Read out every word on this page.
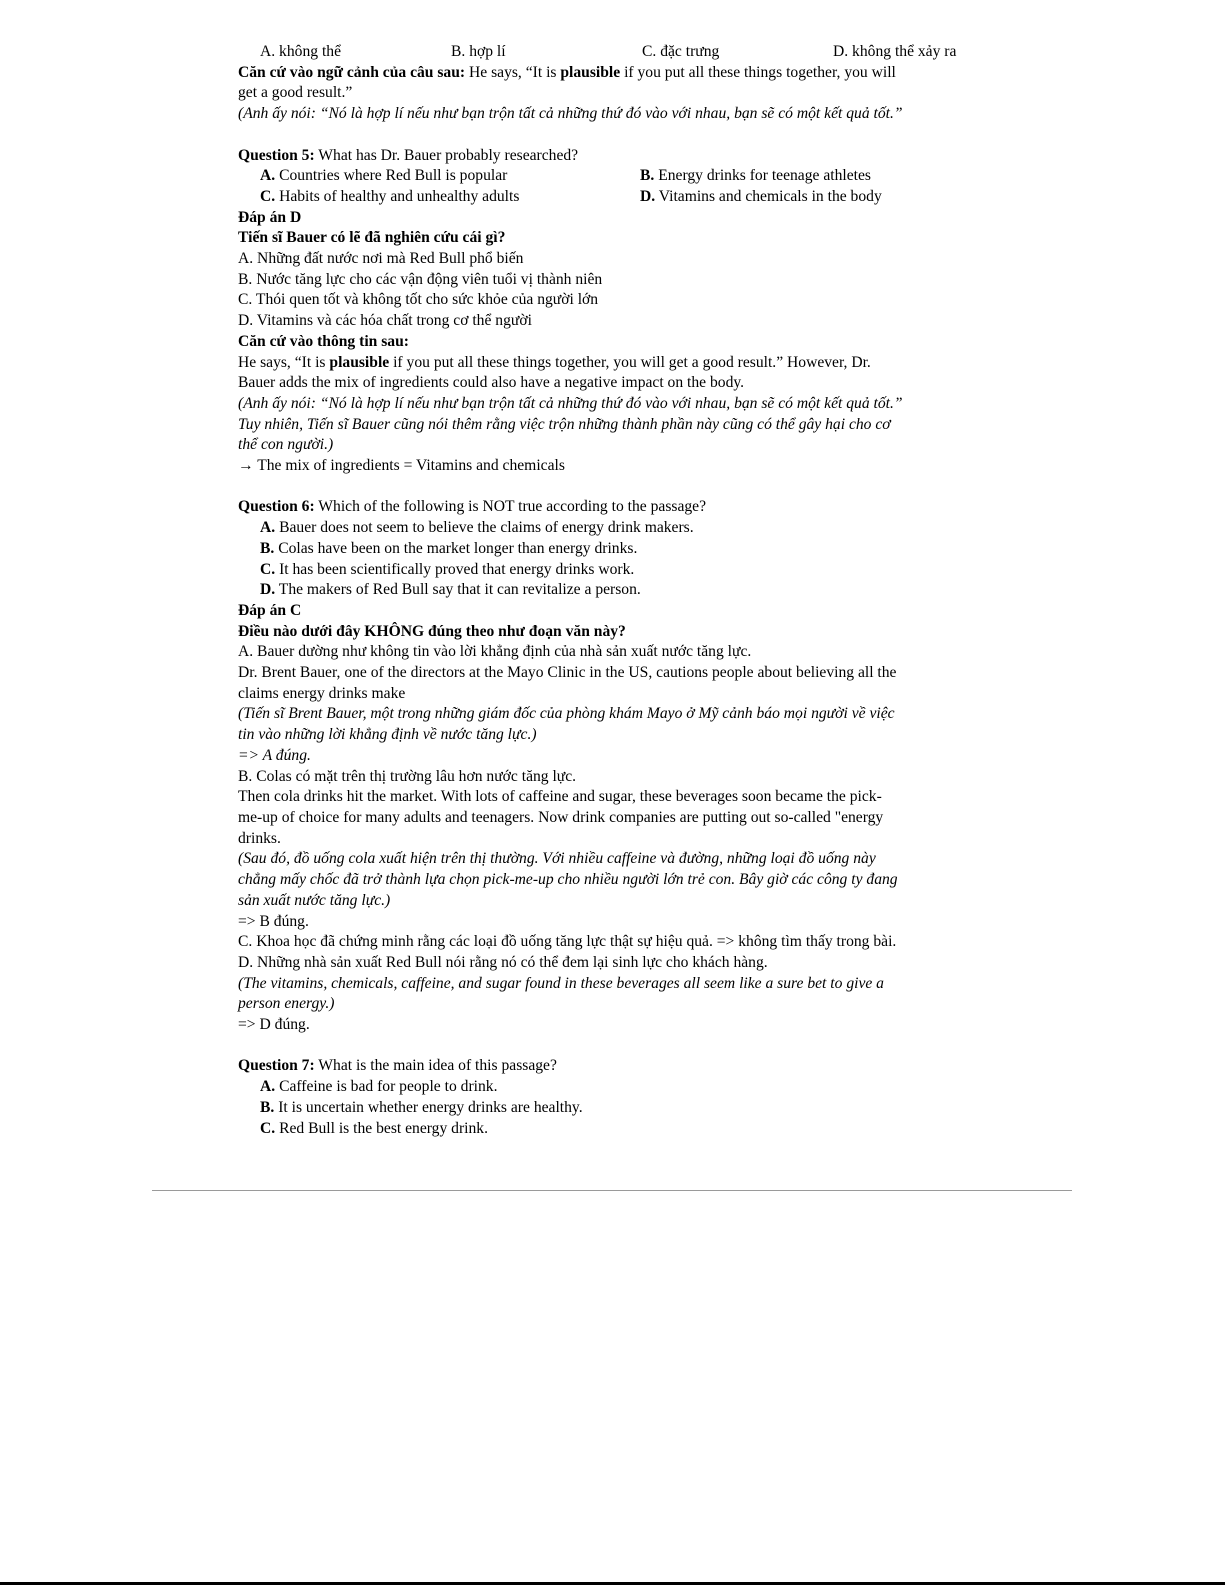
A. không thể	B. hợp lí	C. đặc trưng	D. không thể xảy ra
Căn cứ vào ngữ cảnh của câu sau: He says, “It is plausible if you put all these things together, you will
get a good result.”
(Anh ấy nói: “Nó là hợp lí nếu như bạn trộn tất cả những thứ đó vào với nhau, bạn sẽ có một kết quả tốt.”
Question 5: What has Dr. Bauer probably researched?
A. Countries where Red Bull is popular	B. Energy drinks for teenage athletes
C. Habits of healthy and unhealthy adults	D. Vitamins and chemicals in the body
Đáp án D
Tiến sĩ Bauer có lẽ đã nghiên cứu cái gì?
A. Những đất nước nơi mà Red Bull phổ biến
B. Nước tăng lực cho các vận động viên tuổi vị thành niên
C. Thói quen tốt và không tốt cho sức khỏe của người lớn
D. Vitamins và các hóa chất trong cơ thể người
Căn cứ vào thông tin sau:
He says, “It is plausible if you put all these things together, you will get a good result.” However, Dr.
Bauer adds the mix of ingredients could also have a negative impact on the body.
(Anh ấy nói: “Nó là hợp lí nếu như bạn trộn tất cả những thứ đó vào với nhau, bạn sẽ có một kết quả tốt.”
Tuy nhiên, Tiến sĩ Bauer cũng nói thêm rằng việc trộn những thành phần này cũng có thể gây hại cho cơ
thể con người.)
→ The mix of ingredients = Vitamins and chemicals
Question 6: Which of the following is NOT true according to the passage?
A. Bauer does not seem to believe the claims of energy drink makers.
B. Colas have been on the market longer than energy drinks.
C. It has been scientifically proved that energy drinks work.
D. The makers of Red Bull say that it can revitalize a person.
Đáp án C
Điều nào dưới đây KHÔNG đúng theo như đoạn văn này?
A. Bauer dường như không tin vào lời khẳng định của nhà sản xuất nước tăng lực.
Dr. Brent Bauer, one of the directors at the Mayo Clinic in the US, cautions people about believing all the
claims energy drinks make
(Tiến sĩ Brent Bauer, một trong những giám đốc của phòng khám Mayo ở Mỹ cảnh báo mọi người về việc
tin vào những lời khẳng định về nước tăng lực.)
=> A đúng.
B. Colas có mặt trên thị trường lâu hơn nước tăng lực.
Then cola drinks hit the market. With lots of caffeine and sugar, these beverages soon became the pick-
me-up of choice for many adults and teenagers. Now drink companies are putting out so-called "energy
drinks.
(Sau đó, đồ uống cola xuất hiện trên thị thường. Với nhiều caffeine và đường, những loại đồ uống này
chẳng mấy chốc đã trở thành lựa chọn pick-me-up cho nhiều người lớn trẻ con. Bây giờ các công ty đang
sản xuất nước tăng lực.)
=> B đúng.
C. Khoa học đã chứng minh rằng các loại đồ uống tăng lực thật sự hiệu quả. => không tìm thấy trong bài.
D. Những nhà sản xuất Red Bull nói rằng nó có thể đem lại sinh lực cho khách hàng.
(The vitamins, chemicals, caffeine, and sugar found in these beverages all seem like a sure bet to give a
person energy.)
=> D đúng.
Question 7: What is the main idea of this passage?
A. Caffeine is bad for people to drink.
B. It is uncertain whether energy drinks are healthy.
C. Red Bull is the best energy drink.
